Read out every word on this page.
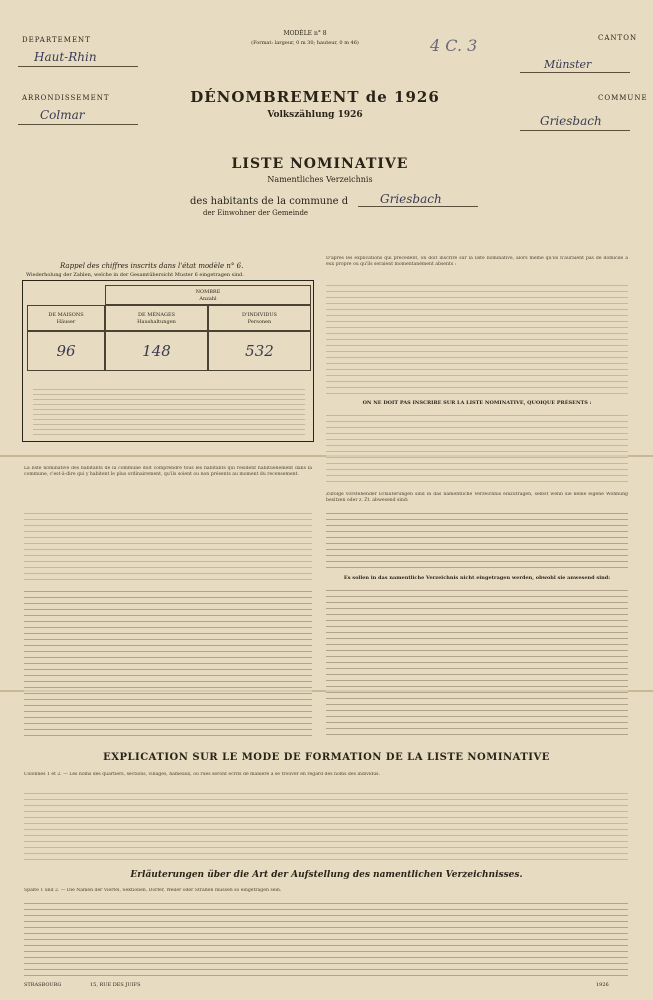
DEPARTEMENT
Haut-Rhin
ARRONDISSEMENT
Colmar
MODÈLE n° 8
(Format: largeur, 0 m 30; hauteur, 0 m 46)	4 C. 3	CANTON
Münster
COMMUNE
Griesbach
DÉNOMBREMENT de 1926
Volkszählung 1926
LISTE NOMINATIVE
Namentliches Verzeichnis
des habitants de la commune d	Griesbach
der Einwohner der Gemeinde
Rappel des chiffres inscrits dans l'état modèle n° 6.
Wiederholung der Zahlen, welche in der Gesamtübersicht Muster 6 eingetragen sind.
NOMBRE
Anzahl
DE MAISONS
Häuser
DE MÉNAGES
Haushaltungen
D'INDIVIDUS
Personen
96	148	532
La liste nominative des habitants de la commune doit comprendre tous les habitants qui résident habituellement dans la commune, c'est-à-dire qui y habitent le plus ordinairement, qu'ils soient ou non présents au moment du recensement.
D'après les explications qui précèdent, on doit inscrire sur la liste nominative, alors même qu'ils n'auraient pas de domicile à eux propre ou qu'ils seraient momentanément absents :
ON NE DOIT PAS INSCRIRE SUR LA LISTE NOMINATIVE, QUOIQUE PRÉSENTS :
Zufolge vorstehender Erläuterungen sind in das namentliche Verzeichnis einzutragen, selbst wenn sie keine eigene Wohnung besitzen oder z. Zt. abwesend sind:
Es sollen in das namentliche Verzeichnis nicht eingetragen werden, obwohl sie anwesend sind:
EXPLICATION SUR LE MODE DE FORMATION DE LA LISTE NOMINATIVE
Colonnes 1 et 2. — Les noms des quartiers, sections, villages, hameaux, ou rues seront écrits de manière à se trouver en regard des noms des individus.
Erläuterungen über die Art der Aufstellung des namentlichen Verzeichnisses.
Spalte 1 und 2. — Die Namen der Viertel, Sektionen, Dörfer, Weiler oder Straßen müssen so eingetragen sein.
STRASBOURG	15, RUE DES JUIFS	1926
